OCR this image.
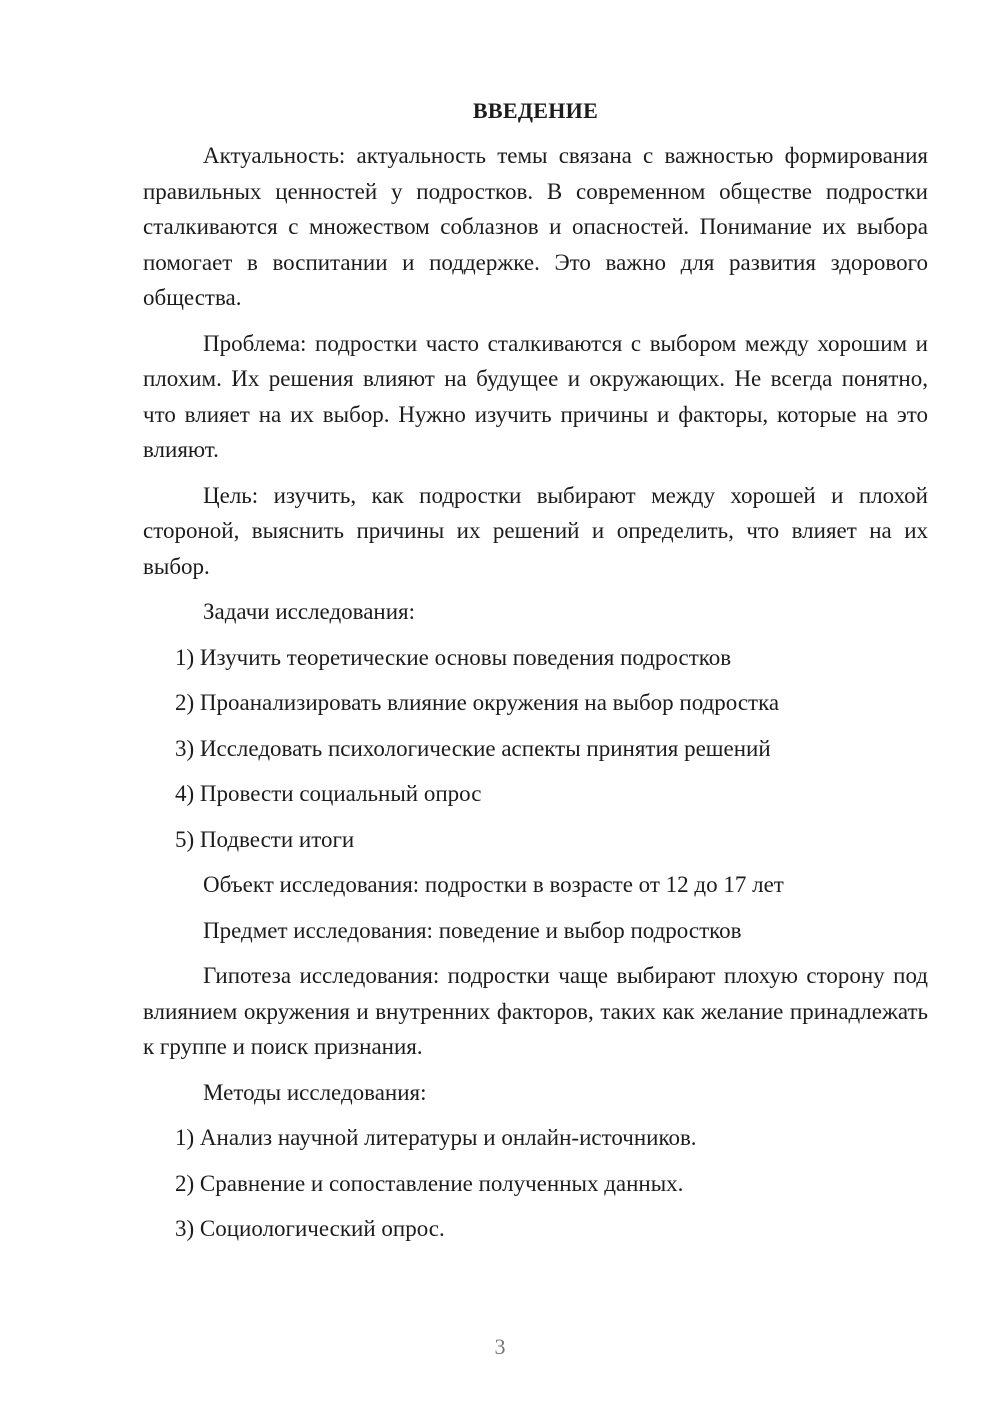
ВВЕДЕНИЕ
Актуальность: актуальность темы связана с важностью формирования правильных ценностей у подростков. В современном обществе подростки сталкиваются с множеством соблазнов и опасностей. Понимание их выбора помогает в воспитании и поддержке. Это важно для развития здорового общества.
Проблема: подростки часто сталкиваются с выбором между хорошим и плохим. Их решения влияют на будущее и окружающих. Не всегда понятно, что влияет на их выбор. Нужно изучить причины и факторы, которые на это влияют.
Цель: изучить, как подростки выбирают между хорошей и плохой стороной, выяснить причины их решений и определить, что влияет на их выбор.
Задачи исследования:
1) Изучить теоретические основы поведения подростков
2) Проанализировать влияние окружения на выбор подростка
3) Исследовать психологические аспекты принятия решений
4) Провести социальный опрос
5) Подвести итоги
Объект исследования: подростки в возрасте от 12 до 17 лет
Предмет исследования: поведение и выбор подростков
Гипотеза исследования: подростки чаще выбирают плохую сторону под влиянием окружения и внутренних факторов, таких как желание принадлежать к группе и поиск признания.
Методы исследования:
1) Анализ научной литературы и онлайн-источников.
2) Сравнение и сопоставление полученных данных.
3) Социологический опрос.
3
